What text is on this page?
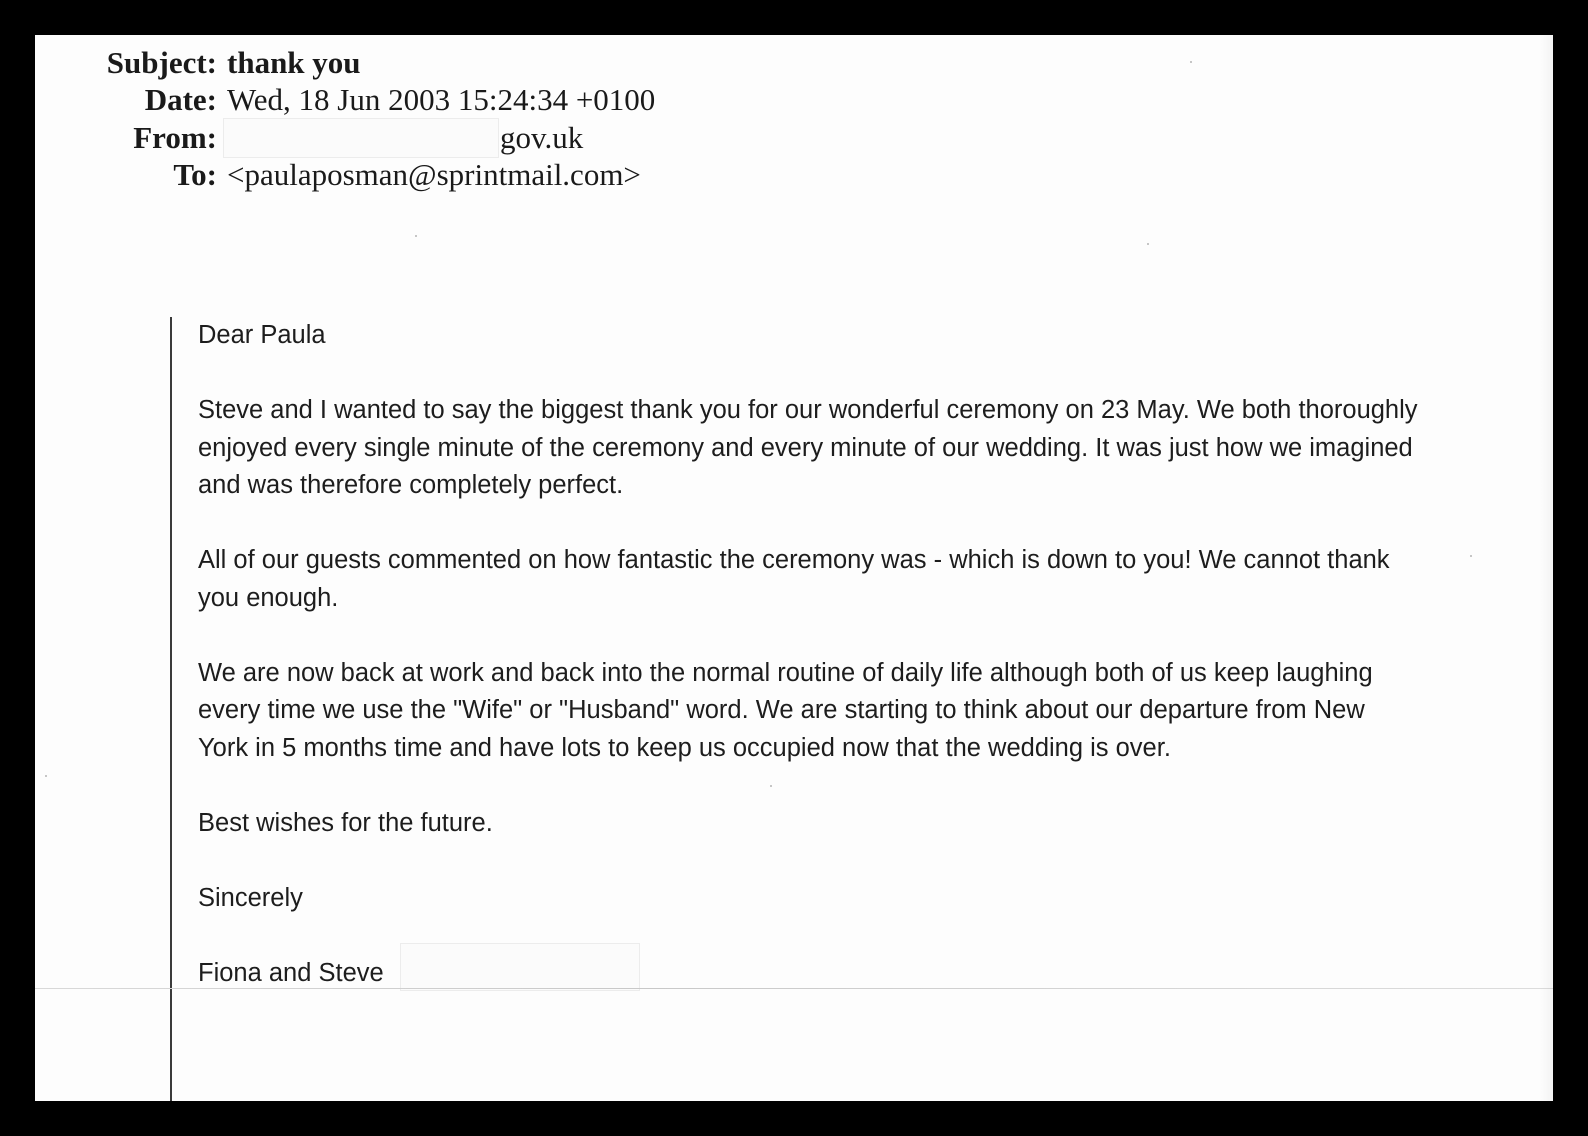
Subject: thank you
Date: Wed, 18 Jun 2003 15:24:34 +0100
From:	gov.uk
To: <paulaposman@sprintmail.com>

Dear Paula

Steve and I wanted to say the biggest thank you for our wonderful ceremony on 23 May. We both thoroughly enjoyed every single minute of the ceremony and every minute of our wedding. It was just how we imagined and was therefore completely perfect.

All of our guests commented on how fantastic the ceremony was - which is down to you! We cannot thank you enough.

We are now back at work and back into the normal routine of daily life although both of us keep laughing every time we use the "Wife" or "Husband" word. We are starting to think about our departure from New York in 5 months time and have lots to keep us occupied now that the wedding is over.

Best wishes for the future.

Sincerely

Fiona and Steve
